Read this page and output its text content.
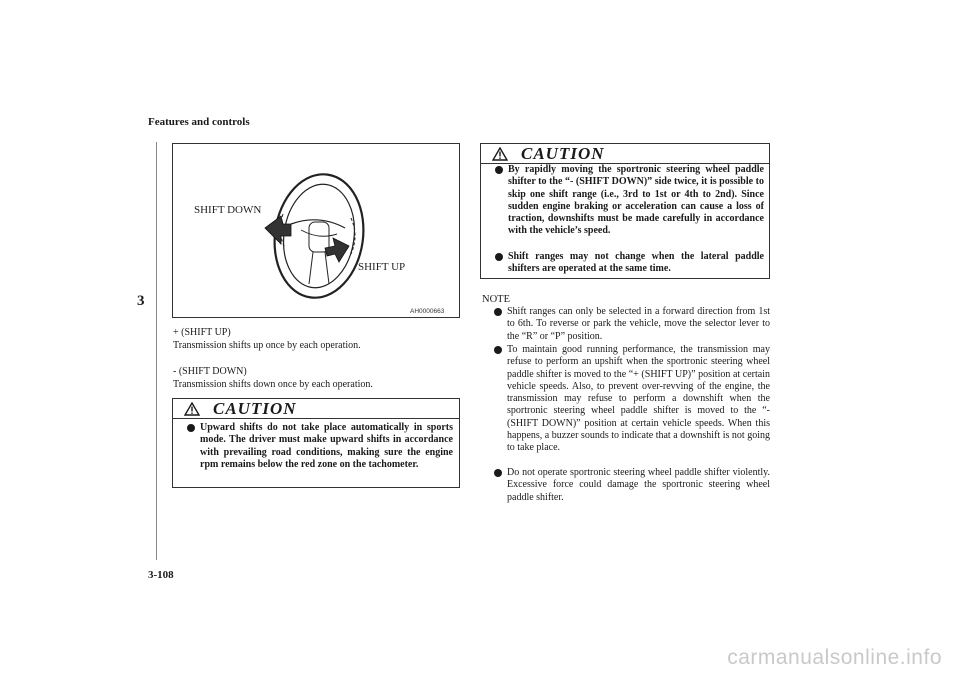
Features and controls
3
3-108
SHIFT DOWN
SHIFT UP
AH0000663
+ (SHIFT UP)
Transmission shifts up once by each operation.
- (SHIFT DOWN)
Transmission shifts down once by each operation.
CAUTION
Upward shifts do not take place automatically in sports mode. The driver must make upward shifts in accordance with prevailing road conditions, making sure the engine rpm remains below the red zone on the tachometer.
CAUTION
By rapidly moving the sportronic steering wheel paddle shifter to the “- (SHIFT DOWN)” side twice, it is possible to skip one shift range (i.e., 3rd to 1st or 4th to 2nd). Since sudden engine braking or acceleration can cause a loss of traction, downshifts must be made carefully in accordance with the vehicle’s speed.
Shift ranges may not change when the lateral paddle shifters are operated at the same time.
NOTE
Shift ranges can only be selected in a forward direction from 1st to 6th. To reverse or park the vehicle, move the selector lever to the “R” or “P” position.
To maintain good running performance, the transmission may refuse to perform an upshift when the sportronic steering wheel paddle shifter is moved to the “+ (SHIFT UP)” position at certain vehicle speeds. Also, to prevent over-revving of the engine, the transmission may refuse to perform a downshift when the sportronic steering wheel paddle shifter is moved to the “- (SHIFT DOWN)” position at certain vehicle speeds. When this happens, a buzzer sounds to indicate that a downshift is not going to take place.
Do not operate sportronic steering wheel paddle shifter violently. Excessive force could damage the sportronic steering wheel paddle shifter.
carmanualsonline.info
